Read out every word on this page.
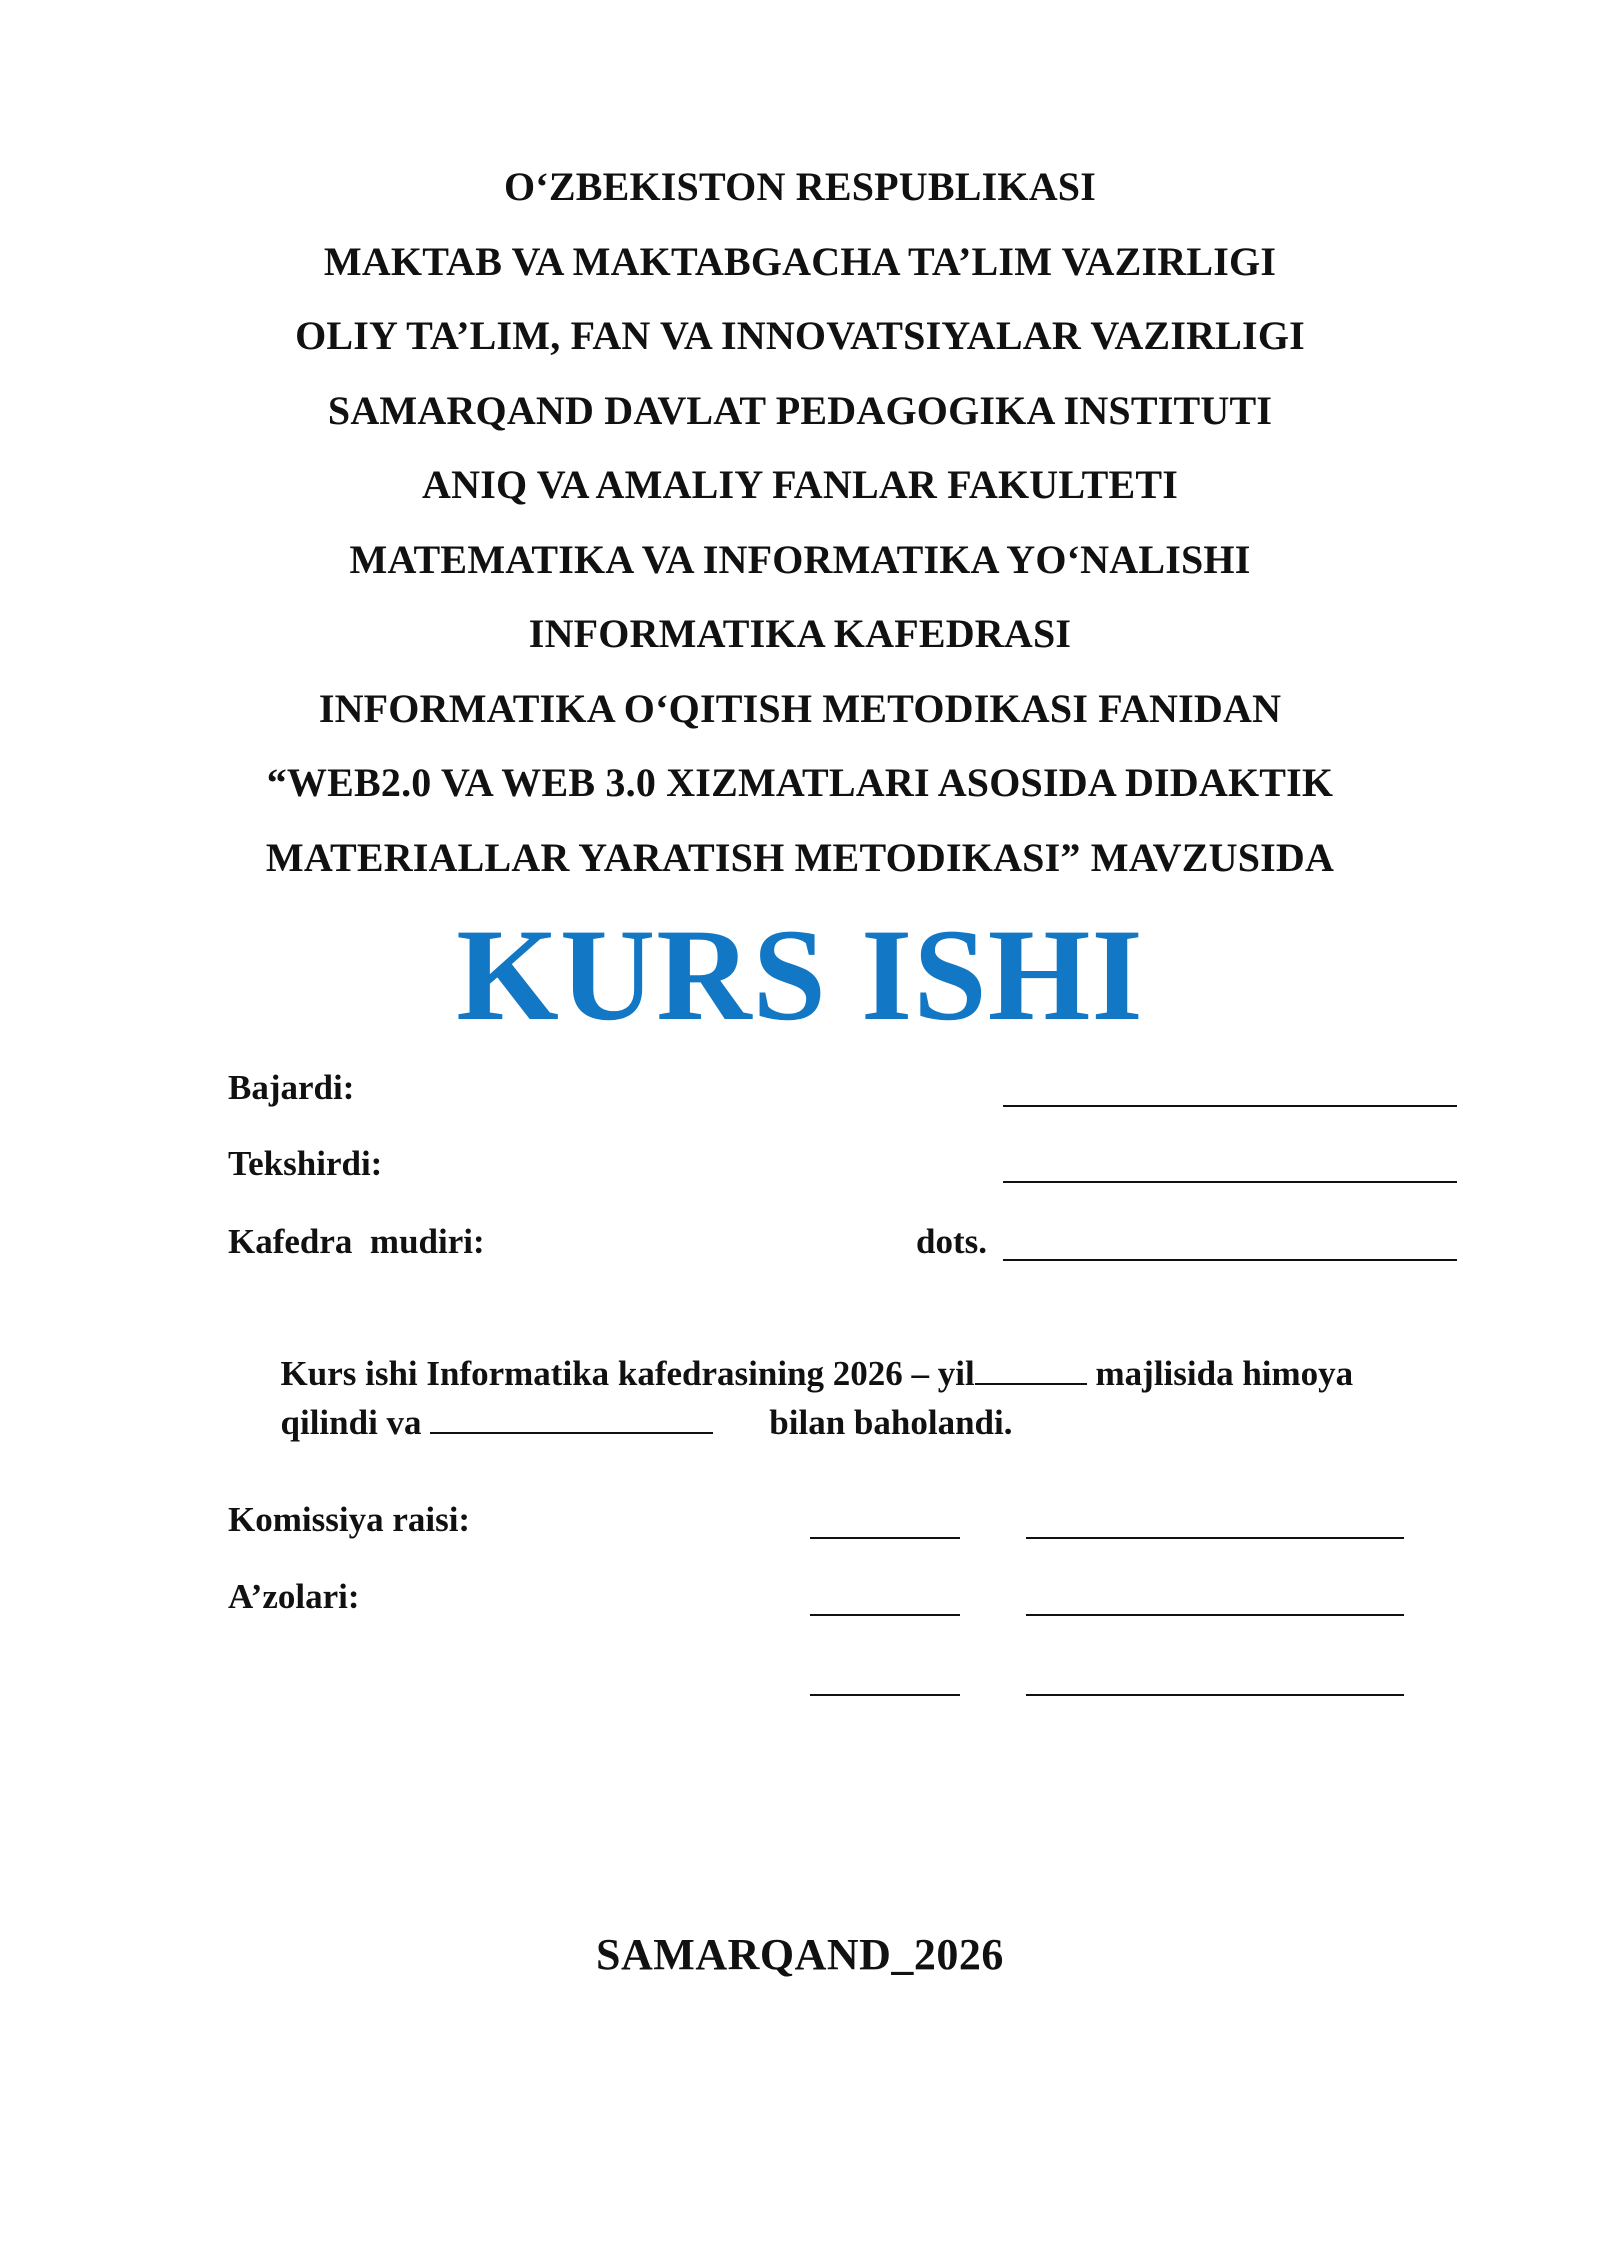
O‘ZBEKISTON RESPUBLIKASI
MAKTAB VA MAKTABGACHA TA’LIM VAZIRLIGI
OLIY TA’LIM, FAN VA INNOVATSIYALAR VAZIRLIGI
SAMARQAND DAVLAT PEDAGOGIKA INSTITUTI
ANIQ VA AMALIY FANLAR FAKULTETI
MATEMATIKA VA INFORMATIKA YO‘NALISHI
INFORMATIKA KAFEDRASI
INFORMATIKA O‘QITISH METODIKASI FANIDAN
“WEB2.0 VA WEB 3.0 XIZMATLARI ASOSIDA DIDAKTIK
MATERIALLAR YARATISH METODIKASI” MAVZUSIDA
KURS ISHI
Bajardi:
Tekshirdi:
Kafedra  mudiri:	dots.

Kurs ishi Informatika kafedrasining 2026 – yil	majlisida himoya

qilindi va	bilan baholandi.

Komissiya raisi:
A’zolari:
SAMARQAND_2026
